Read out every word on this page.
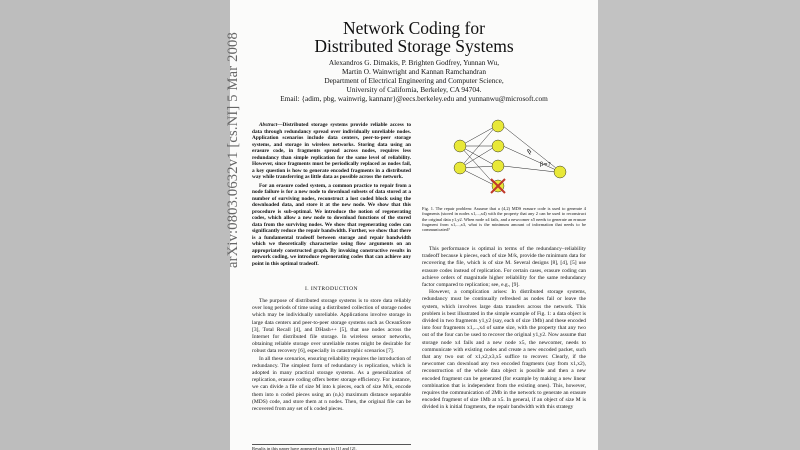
Network Coding for
Distributed Storage Systems
Alexandros G. Dimakis, P. Brighten Godfrey, Yunnan Wu,
Martin O. Wainwright and Kannan Ramchandran
Department of Electrical Engineering and Computer Science,
University of California, Berkeley, CA 94704.
Email: {adim, pbg, wainwrig, kannanr}@eecs.berkeley.edu and yunnanwu@microsoft.com

Abstract—Distributed storage systems provide reliable access to data through redundancy spread over individually unreliable nodes. Application scenarios include data centers, peer-to-peer storage systems, and storage in wireless networks. Storing data using an erasure code, in fragments spread across nodes, requires less redundancy than simple replication for the same level of reliability. However, since fragments must be periodically replaced as nodes fail, a key question is how to generate encoded fragments in a distributed way while transferring as little data as possible across the network.

For an erasure coded system, a common practice to repair from a node failure is for a new node to download subsets of data stored at a number of surviving nodes, reconstruct a lost coded block using the downloaded data, and store it at the new node. We show that this procedure is sub-optimal. We introduce the notion of regenerating codes, which allow a new node to download functions of the stored data from the surviving nodes. We show that regenerating codes can significantly reduce the repair bandwidth. Further, we show that there is a fundamental tradeoff between storage and repair bandwidth which we theoretically characterize using flow arguments on an appropriately constructed graph. By invoking constructive results in network coding, we introduce regenerating codes that can achieve any point in this optimal tradeoff.

I. INTRODUCTION

The purpose of distributed storage systems is to store data reliably over long periods of time using a distributed collection of storage nodes which may be individually unreliable. Applications involve storage in large data centers and peer-to-peer storage systems such as OceanStore [3], Total Recall [4], and DHash++ [5], that use nodes across the Internet for distributed file storage. In wireless sensor networks, obtaining reliable storage over unreliable motes might be desirable for robust data recovery [6], especially in catastrophic scenarios [7].

In all these scenarios, ensuring reliability requires the introduction of redundancy. The simplest form of redundancy is replication, which is adopted in many practical storage systems. As a generalization of replication, erasure coding offers better storage efficiency. For instance, we can divide a file of size M into k pieces, each of size M/k, encode them into n coded pieces using an (n,k) maximum distance separable (MDS) code, and store them at n nodes. Then, the original file can be recovered from any set of k coded pieces.

Results in this paper have appeared in part in [1] and [2].
β
β=?
Fig. 1. The repair problem: Assume that a (4,2) MDS erasure code is used to generate 4 fragments (stored in nodes x1,...,x4) with the property that any 2 can be used to reconstruct the original data y1,y2. When node x4 fails, and a newcomer x5 needs to generate an erasure fragment from x1,...,x3, what is the minimum amount of information that needs to be communicated?

This performance is optimal in terms of the redundancy–reliability tradeoff because k pieces, each of size M/k, provide the minimum data for recovering the file, which is of size M. Several designs [8], [4], [5] use erasure codes instead of replication. For certain cases, erasure coding can achieve orders of magnitude higher reliability for the same redundancy factor compared to replication; see, e.g., [9].

However, a complication arises: In distributed storage systems, redundancy must be continually refreshed as nodes fail or leave the system, which involves large data transfers across the network. This problem is best illustrated in the simple example of Fig. 1: a data object is divided in two fragments y1,y2 (say, each of size 1Mb) and these encoded into four fragments x1,...,x4 of same size, with the property that any two out of the four can be used to recover the original y1,y2. Now assume that storage node x4 fails and a new node x5, the newcomer, needs to communicate with existing nodes and create a new encoded packet, such that any two out of x1,x2,x3,x5 suffice to recover. Clearly, if the newcomer can download any two encoded fragments (say from x1,x2), reconstruction of the whole data object is possible and then a new encoded fragment can be generated (for example by making a new linear combination that is independent from the existing ones). This, however, requires the communication of 2Mb in the network to generate an erasure encoded fragment of size 1Mb at x5. In general, if an object of size M is divided in k initial fragments, the repair bandwidth with this strategy

arXiv:0803.0632v1 [cs.NI] 5 Mar 2008
